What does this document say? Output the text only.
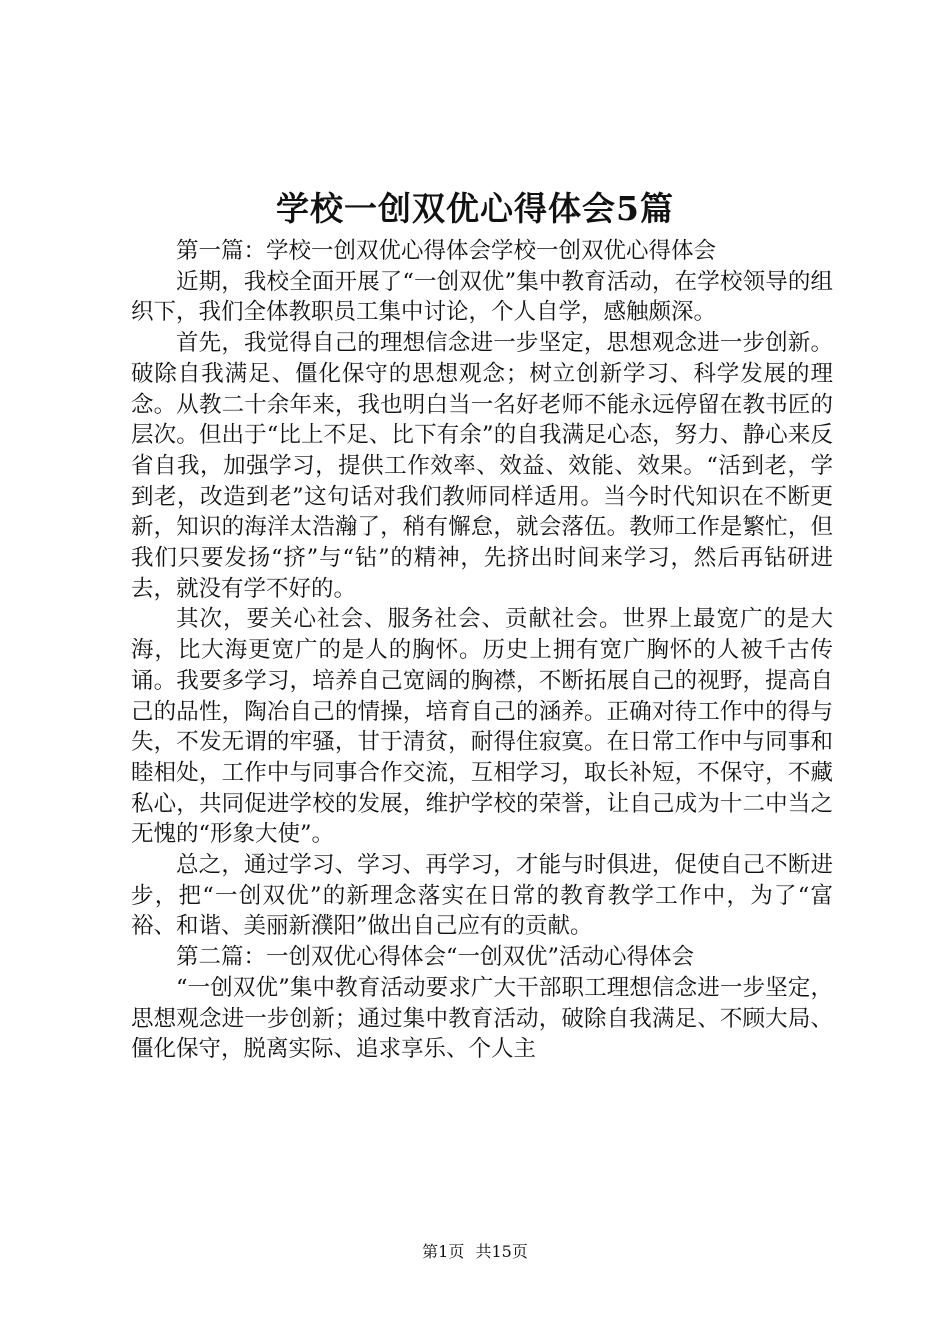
学校一创双优心得体会5篇

第一篇：学校一创双优心得体会学校一创双优心得体会

近期，我校全面开展了“一创双优”集中教育活动，在学校领导的组织下，我们全体教职员工集中讨论，个人自学，感触颇深。

首先，我觉得自己的理想信念进一步坚定，思想观念进一步创新。破除自我满足、僵化保守的思想观念；树立创新学习、科学发展的理念。从教二十余年来，我也明白当一名好老师不能永远停留在教书匠的层次。但出于“比上不足、比下有余”的自我满足心态，努力、静心来反省自我，加强学习，提供工作效率、效益、效能、效果。“活到老，学到老，改造到老”这句话对我们教师同样适用。当今时代知识在不断更新，知识的海洋太浩瀚了，稍有懈怠，就会落伍。教师工作是繁忙，但我们只要发扬“挤”与“钻”的精神，先挤出时间来学习，然后再钻研进去，就没有学不好的。

其次，要关心社会、服务社会、贡献社会。世界上最宽广的是大海，比大海更宽广的是人的胸怀。历史上拥有宽广胸怀的人被千古传诵。我要多学习，培养自己宽阔的胸襟，不断拓展自己的视野，提高自己的品性，陶冶自己的情操，培育自己的涵养。正确对待工作中的得与失，不发无谓的牢骚，甘于清贫，耐得住寂寞。在日常工作中与同事和睦相处，工作中与同事合作交流，互相学习，取长补短，不保守，不藏私心，共同促进学校的发展，维护学校的荣誉，让自己成为十二中当之无愧的“形象大使”。

总之，通过学习、学习、再学习，才能与时俱进，促使自己不断进步，把“一创双优”的新理念落实在日常的教育教学工作中，为了“富裕、和谐、美丽新濮阳”做出自己应有的贡献。

第二篇：一创双优心得体会“一创双优”活动心得体会

“一创双优”集中教育活动要求广大干部职工理想信念进一步坚定，思想观念进一步创新；通过集中教育活动，破除自我满足、不顾大局、僵化保守，脱离实际、追求享乐、个人主

第1页 共15页
